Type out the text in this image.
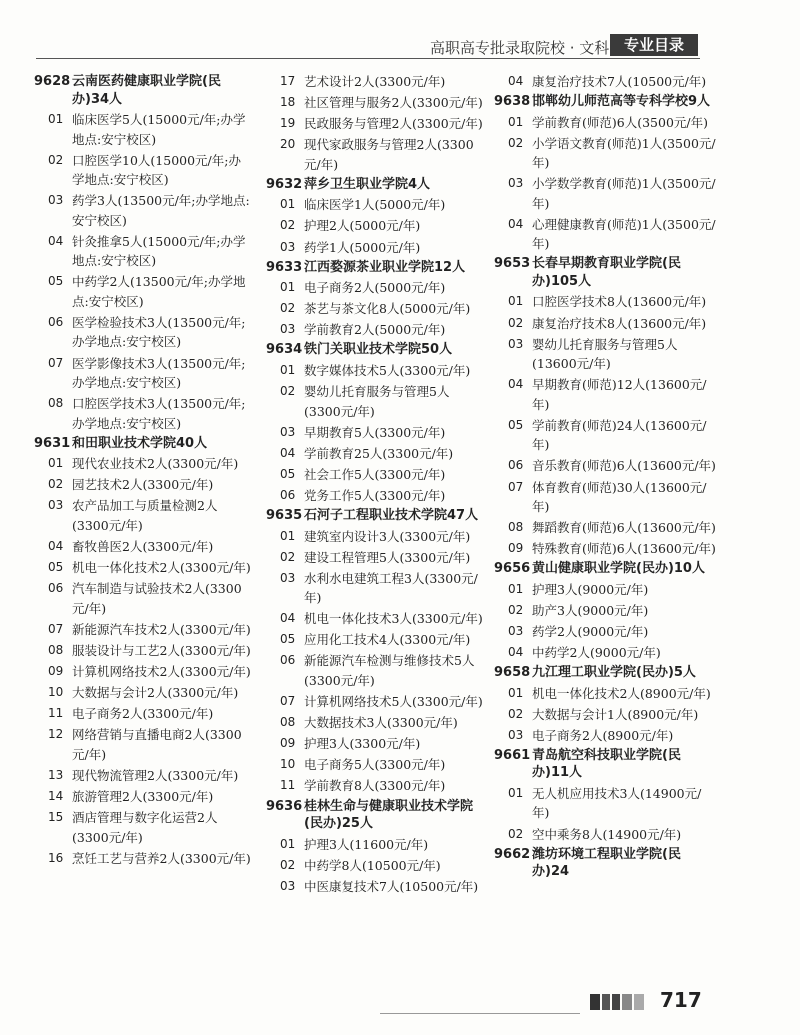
高职高专批录取院校 · 文科 专业目录
9628 云南医药健康职业学院(民办)34人
01 临床医学5人(15000元/年;办学地点:安宁校区)
02 口腔医学10人(15000元/年;办学地点:安宁校区)
03 药学3人(13500元/年;办学地点:安宁校区)
04 针灸推拿5人(15000元/年;办学地点:安宁校区)
05 中药学2人(13500元/年;办学地点:安宁校区)
06 医学检验技术3人(13500元/年;办学地点:安宁校区)
07 医学影像技术3人(13500元/年;办学地点:安宁校区)
08 口腔医学技术3人(13500元/年;办学地点:安宁校区)
9631 和田职业技术学院40人
01 现代农业技术2人(3300元/年)
02 园艺技术2人(3300元/年)
03 农产品加工与质量检测2人(3300元/年)
04 畜牧兽医2人(3300元/年)
05 机电一体化技术2人(3300元/年)
06 汽车制造与试验技术2人(3300元/年)
07 新能源汽车技术2人(3300元/年)
08 服装设计与工艺2人(3300元/年)
09 计算机网络技术2人(3300元/年)
10 大数据与会计2人(3300元/年)
11 电子商务2人(3300元/年)
12 网络营销与直播电商2人(3300元/年)
13 现代物流管理2人(3300元/年)
14 旅游管理2人(3300元/年)
15 酒店管理与数字化运营2人(3300元/年)
16 烹饪工艺与营养2人(3300元/年)
17 艺术设计2人(3300元/年)
18 社区管理与服务2人(3300元/年)
19 民政服务与管理2人(3300元/年)
20 现代家政服务与管理2人(3300元/年)
9632 萍乡卫生职业学院4人
01 临床医学1人(5000元/年)
02 护理2人(5000元/年)
03 药学1人(5000元/年)
9633 江西婺源茶业职业学院12人
01 电子商务2人(5000元/年)
02 茶艺与茶文化8人(5000元/年)
03 学前教育2人(5000元/年)
9634 铁门关职业技术学院50人
01 数字媒体技术5人(3300元/年)
02 婴幼儿托育服务与管理5人(3300元/年)
03 早期教育5人(3300元/年)
04 学前教育25人(3300元/年)
05 社会工作5人(3300元/年)
06 党务工作5人(3300元/年)
9635 石河子工程职业技术学院47人
01 建筑室内设计3人(3300元/年)
02 建设工程管理5人(3300元/年)
03 水利水电建筑工程3人(3300元/年)
04 机电一体化技术3人(3300元/年)
05 应用化工技术4人(3300元/年)
06 新能源汽车检测与维修技术5人(3300元/年)
07 计算机网络技术5人(3300元/年)
08 大数据技术3人(3300元/年)
09 护理3人(3300元/年)
10 电子商务5人(3300元/年)
11 学前教育8人(3300元/年)
9636 桂林生命与健康职业技术学院(民办)25人
01 护理3人(11600元/年)
02 中药学8人(10500元/年)
03 中医康复技术7人(10500元/年)
04 康复治疗技术7人(10500元/年)
9638 邯郸幼儿师范高等专科学校9人
01 学前教育(师范)6人(3500元/年)
02 小学语文教育(师范)1人(3500元/年)
03 小学数学教育(师范)1人(3500元/年)
04 心理健康教育(师范)1人(3500元/年)
9653 长春早期教育职业学院(民办)105人
01 口腔医学技术8人(13600元/年)
02 康复治疗技术8人(13600元/年)
03 婴幼儿托育服务与管理5人(13600元/年)
04 早期教育(师范)12人(13600元/年)
05 学前教育(师范)24人(13600元/年)
06 音乐教育(师范)6人(13600元/年)
07 体育教育(师范)30人(13600元/年)
08 舞蹈教育(师范)6人(13600元/年)
09 特殊教育(师范)6人(13600元/年)
9656 黄山健康职业学院(民办)10人
01 护理3人(9000元/年)
02 助产3人(9000元/年)
03 药学2人(9000元/年)
04 中药学2人(9000元/年)
9658 九江理工职业学院(民办)5人
01 机电一体化技术2人(8900元/年)
02 大数据与会计1人(8900元/年)
03 电子商务2人(8900元/年)
9661 青岛航空科技职业学院(民办)11人
01 无人机应用技术3人(14900元/年)
02 空中乘务8人(14900元/年)
9662 潍坊环境工程职业学院(民办)24
717
